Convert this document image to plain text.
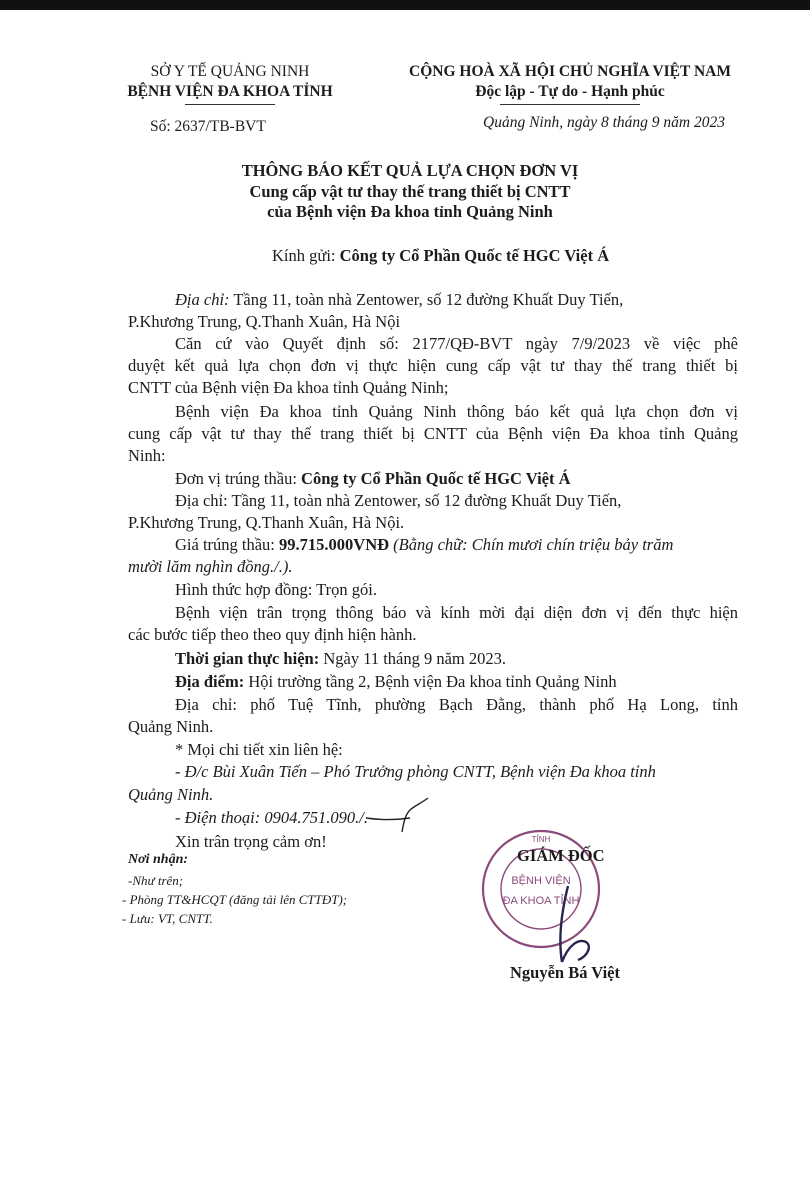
SỞ Y TẾ QUẢNG NINH
BỆNH VIỆN ĐA KHOA TỈNH
Số: 2637/TB-BVT
CỘNG HOÀ XÃ HỘI CHỦ NGHĨA VIỆT NAM
Độc lập - Tự do - Hạnh phúc
Quảng Ninh, ngày 8 tháng 9 năm 2023
THÔNG BÁO KẾT QUẢ LỰA CHỌN ĐƠN VỊ
Cung cấp vật tư thay thế trang thiết bị CNTT
của Bệnh viện Đa khoa tỉnh Quảng Ninh
Kính gửi: Công ty Cổ Phần Quốc tế HGC Việt Á
Địa chỉ: Tầng 11, toàn nhà Zentower, số 12 đường Khuất Duy Tiến,
P.Khương Trung, Q.Thanh Xuân, Hà Nội
Căn cứ vào Quyết định số: 2177/QĐ-BVT ngày 7/9/2023 về việc phê
duyệt kết quả lựa chọn đơn vị thực hiện cung cấp vật tư thay thế trang thiết bị
CNTT của Bệnh viện Đa khoa tỉnh Quảng Ninh;
Bệnh viện Đa khoa tỉnh Quảng Ninh thông báo kết quả lựa chọn đơn vị
cung cấp vật tư thay thế trang thiết bị CNTT của Bệnh viện Đa khoa tỉnh Quảng
Ninh:
Đơn vị trúng thầu: Công ty Cổ Phần Quốc tế HGC Việt Á
Địa chỉ: Tầng 11, toàn nhà Zentower, số 12 đường Khuất Duy Tiến,
P.Khương Trung, Q.Thanh Xuân, Hà Nội.
Giá trúng thầu: 99.715.000VNĐ (Bằng chữ: Chín mươi chín triệu bảy trăm
mười lăm nghìn đồng./.).
Hình thức hợp đồng: Trọn gói.
Bệnh viện trân trọng thông báo và kính mời đại diện đơn vị đến thực hiện
các bước tiếp theo theo quy định hiện hành.
Thời gian thực hiện: Ngày 11 tháng 9 năm 2023.
Địa điểm: Hội trường tầng 2, Bệnh viện Đa khoa tỉnh Quảng Ninh
Địa chỉ: phố Tuệ Tĩnh, phường Bạch Đằng, thành phố Hạ Long, tỉnh
Quảng Ninh.
* Mọi chi tiết xin liên hệ:
- Đ/c Bùi Xuân Tiến – Phó Trưởng phòng CNTT, Bệnh viện Đa khoa tỉnh
Quảng Ninh.
- Điện thoại: 0904.751.090./.
Xin trân trọng cảm ơn!
Nơi nhận:
-Như trên;
- Phòng TT&HCQT (đăng tải lên CTTĐT);
- Lưu: VT, CNTT.
TỈNH
BỆNH VIỆN
ĐA KHOA TỈNH
GIÁM ĐỐC
Nguyễn Bá Việt
